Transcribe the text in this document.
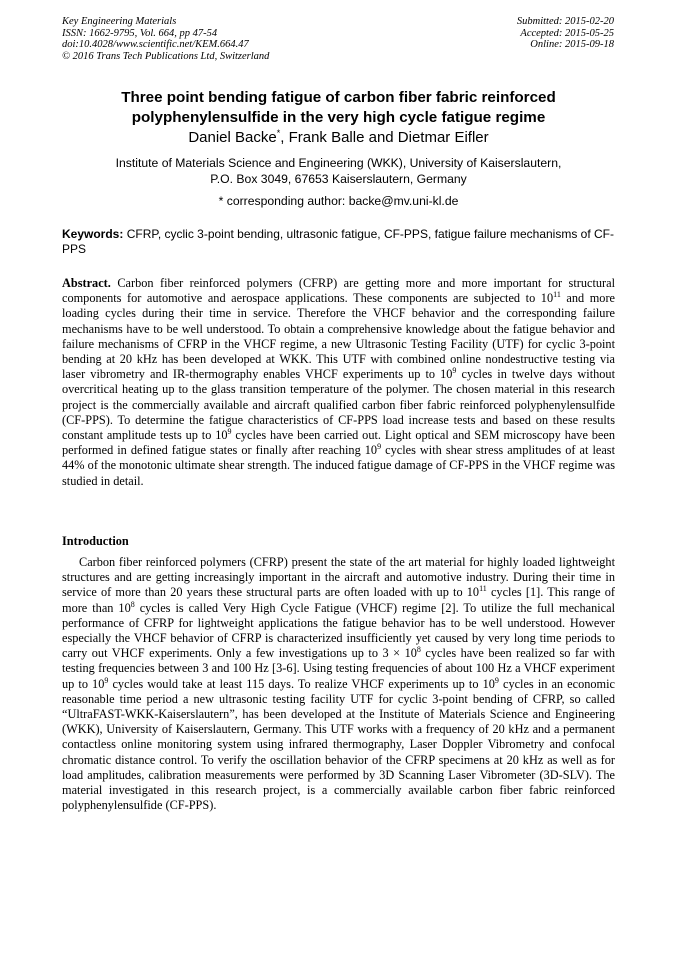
Key Engineering Materials
ISSN: 1662-9795, Vol. 664, pp 47-54
doi:10.4028/www.scientific.net/KEM.664.47
© 2016 Trans Tech Publications Ltd, Switzerland
Submitted: 2015-02-20
Accepted: 2015-05-25
Online: 2015-09-18
Three point bending fatigue of carbon fiber fabric reinforced
polyphenylensulfide in the very high cycle fatigue regime
Daniel Backe*, Frank Balle and Dietmar Eifler
Institute of Materials Science and Engineering (WKK), University of Kaiserslautern,
P.O. Box 3049, 67653 Kaiserslautern, Germany
* corresponding author: backe@mv.uni-kl.de
Keywords: CFRP, cyclic 3-point bending, ultrasonic fatigue, CF-PPS, fatigue failure mechanisms of CF-PPS

Abstract. Carbon fiber reinforced polymers (CFRP) are getting more and more important for structural components for automotive and aerospace applications. These components are subjected to $10^{11}$ and more loading cycles during their time in service. Therefore the VHCF behavior and the corresponding failure mechanisms have to be well understood. To obtain a comprehensive knowledge about the fatigue behavior and failure mechanisms of CFRP in the VHCF regime, a new Ultrasonic Testing Facility (UTF) for cyclic 3-point bending at 20 kHz has been developed at WKK. This UTF with combined online nondestructive testing via laser vibrometry and IR-thermography enables VHCF experiments up to $10^9$ cycles in twelve days without overcritical heating up to the glass transition temperature of the polymer. The chosen material in this research project is the commercially available and aircraft qualified carbon fiber fabric reinforced polyphenylensulfide (CF-PPS). To determine the fatigue characteristics of CF-PPS load increase tests and based on these results constant amplitude tests up to $10^9$ cycles have been carried out. Light optical and SEM microscopy have been performed in defined fatigue states or finally after reaching $10^9$ cycles with shear stress amplitudes of at least 44% of the monotonic ultimate shear strength. The induced fatigue damage of CF-PPS in the VHCF regime was studied in detail.

Introduction

Carbon fiber reinforced polymers (CFRP) present the state of the art material for highly loaded lightweight structures and are getting increasingly important in the aircraft and automotive industry. During their time in service of more than 20 years these structural parts are often loaded with up to $10^{11}$ cycles [1]. This range of more than $10^8$ cycles is called Very High Cycle Fatigue (VHCF) regime [2]. To utilize the full mechanical performance of CFRP for lightweight applications the fatigue behavior has to be well understood. However especially the VHCF behavior of CFRP is characterized insufficiently yet caused by very long time periods to carry out VHCF experiments. Only a few investigations up to $3 \times 10^8$ cycles have been realized so far with testing frequencies between 3 and 100 Hz [3-6]. Using testing frequencies of about 100 Hz a VHCF experiment up to $10^9$ cycles would take at least 115 days. To realize VHCF experiments up to $10^9$ cycles in an economic reasonable time period a new ultrasonic testing facility UTF for cyclic 3-point bending of CFRP, so called “UltraFAST-WKK-Kaiserslautern”, has been developed at the Institute of Materials Science and Engineering (WKK), University of Kaiserslautern, Germany. This UTF works with a frequency of 20 kHz and a permanent contactless online monitoring system using infrared thermography, Laser Doppler Vibrometry and confocal chromatic distance control. To verify the oscillation behavior of the CFRP specimens at 20 kHz as well as for load amplitudes, calibration measurements were performed by 3D Scanning Laser Vibrometer (3D-SLV). The material investigated in this research project, is a commercially available carbon fiber fabric reinforced polyphenylensulfide (CF-PPS).
